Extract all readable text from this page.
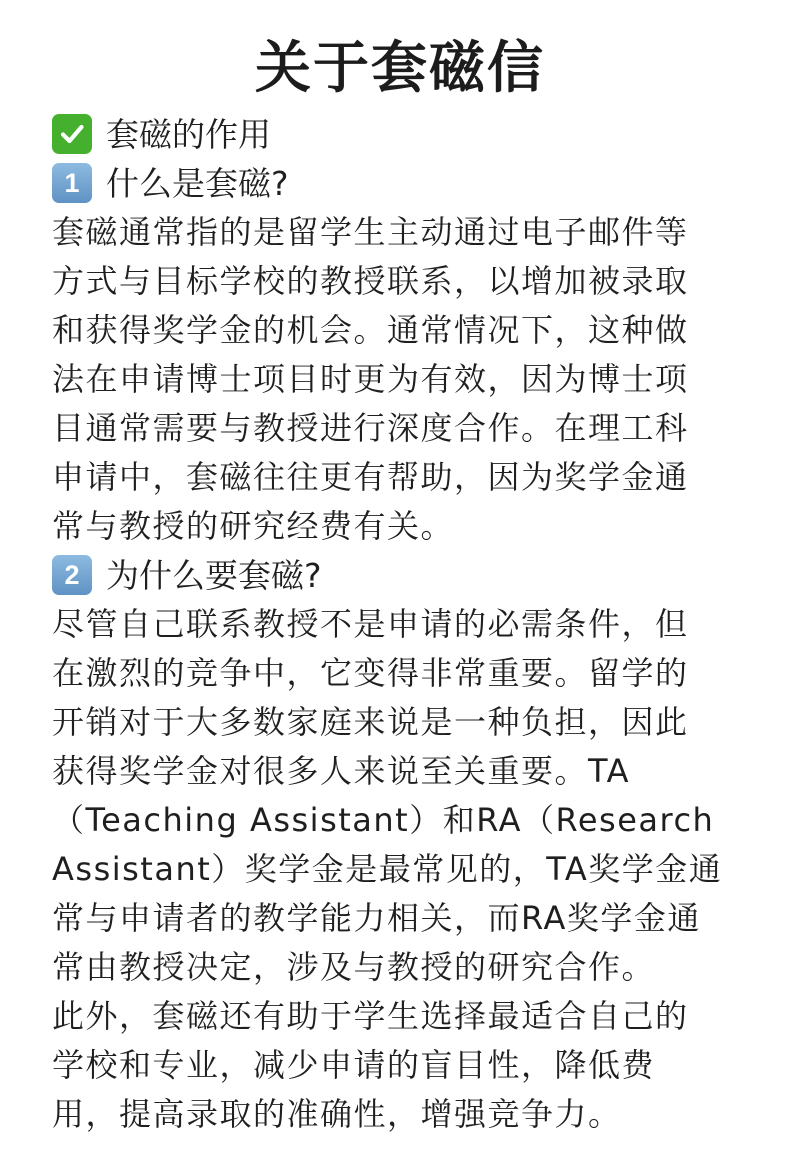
关于套磁信
套磁的作用
1 什么是套磁?
套磁通常指的是留学生主动通过电子邮件等
方式与目标学校的教授联系，以增加被录取
和获得奖学金的机会。通常情况下，这种做
法在申请博士项目时更为有效，因为博士项
目通常需要与教授进行深度合作。在理工科
申请中，套磁往往更有帮助，因为奖学金通
常与教授的研究经费有关。
2 为什么要套磁?
尽管自己联系教授不是申请的必需条件，但
在激烈的竞争中，它变得非常重要。留学的
开销对于大多数家庭来说是一种负担，因此
获得奖学金对很多人来说至关重要。TA
（Teaching Assistant）和RA（Research
Assistant）奖学金是最常见的，TA奖学金通
常与申请者的教学能力相关，而RA奖学金通
常由教授决定，涉及与教授的研究合作。
此外，套磁还有助于学生选择最适合自己的
学校和专业，减少申请的盲目性，降低费
用，提高录取的准确性，增强竞争力。
